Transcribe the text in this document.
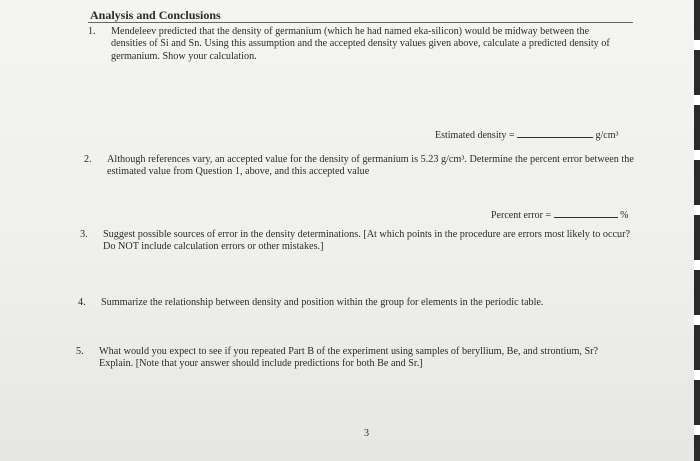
Analysis and Conclusions
1. Mendeleev predicted that the density of germanium (which he had named eka-silicon) would be midway between the densities of Si and Sn. Using this assumption and the accepted density values given above, calculate a predicted density of germanium. Show your calculation.
Estimated density =	g/cm³
2. Although references vary, an accepted value for the density of germanium is 5.23 g/cm³. Determine the percent error between the estimated value from Question 1, above, and this accepted value
Percent error =	%
3. Suggest possible sources of error in the density determinations. [At which points in the procedure are errors most likely to occur? Do NOT include calculation errors or other mistakes.]
4. Summarize the relationship between density and position within the group for elements in the periodic table.
5. What would you expect to see if you repeated Part B of the experiment using samples of beryllium, Be, and strontium, Sr? Explain. [Note that your answer should include predictions for both Be and Sr.]
3
